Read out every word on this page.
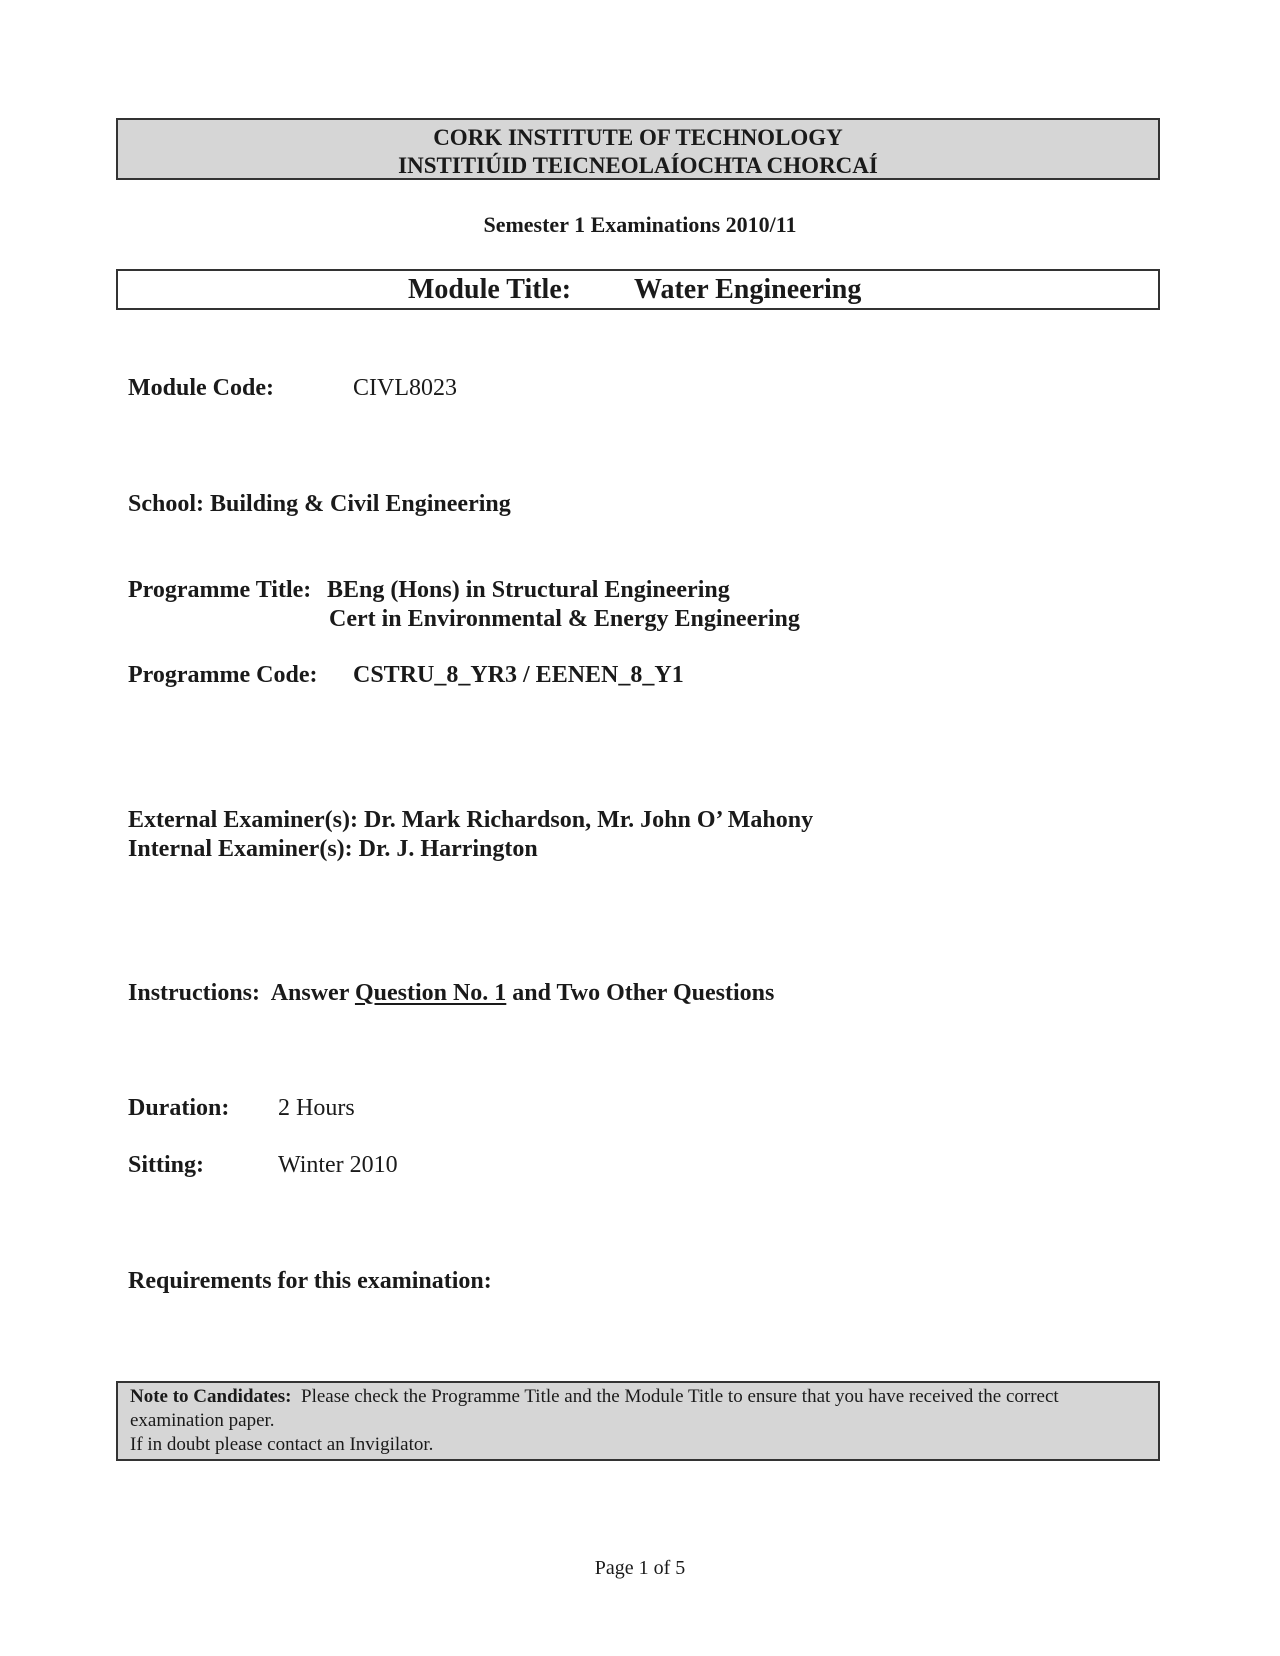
CORK INSTITUTE OF TECHNOLOGY
INSTITIÚID TEICNEOLAÍOCHTA CHORCAÍ
Semester 1 Examinations 2010/11
Module Title: Water Engineering
Module Code:	CIVL8023
School: Building & Civil Engineering
Programme Title: BEng (Hons) in Structural Engineering
Cert in Environmental & Energy Engineering
Programme Code: CSTRU_8_YR3 / EENEN_8_Y1
External Examiner(s): Dr. Mark Richardson, Mr. John O’ Mahony
Internal Examiner(s): Dr. J. Harrington
Instructions: Answer Question No. 1 and Two Other Questions
Duration: 2 Hours
Sitting:	Winter 2010
Requirements for this examination:
Note to Candidates: Please check the Programme Title and the Module Title to ensure that you have received the correct examination paper.
If in doubt please contact an Invigilator.
Page 1 of 5
